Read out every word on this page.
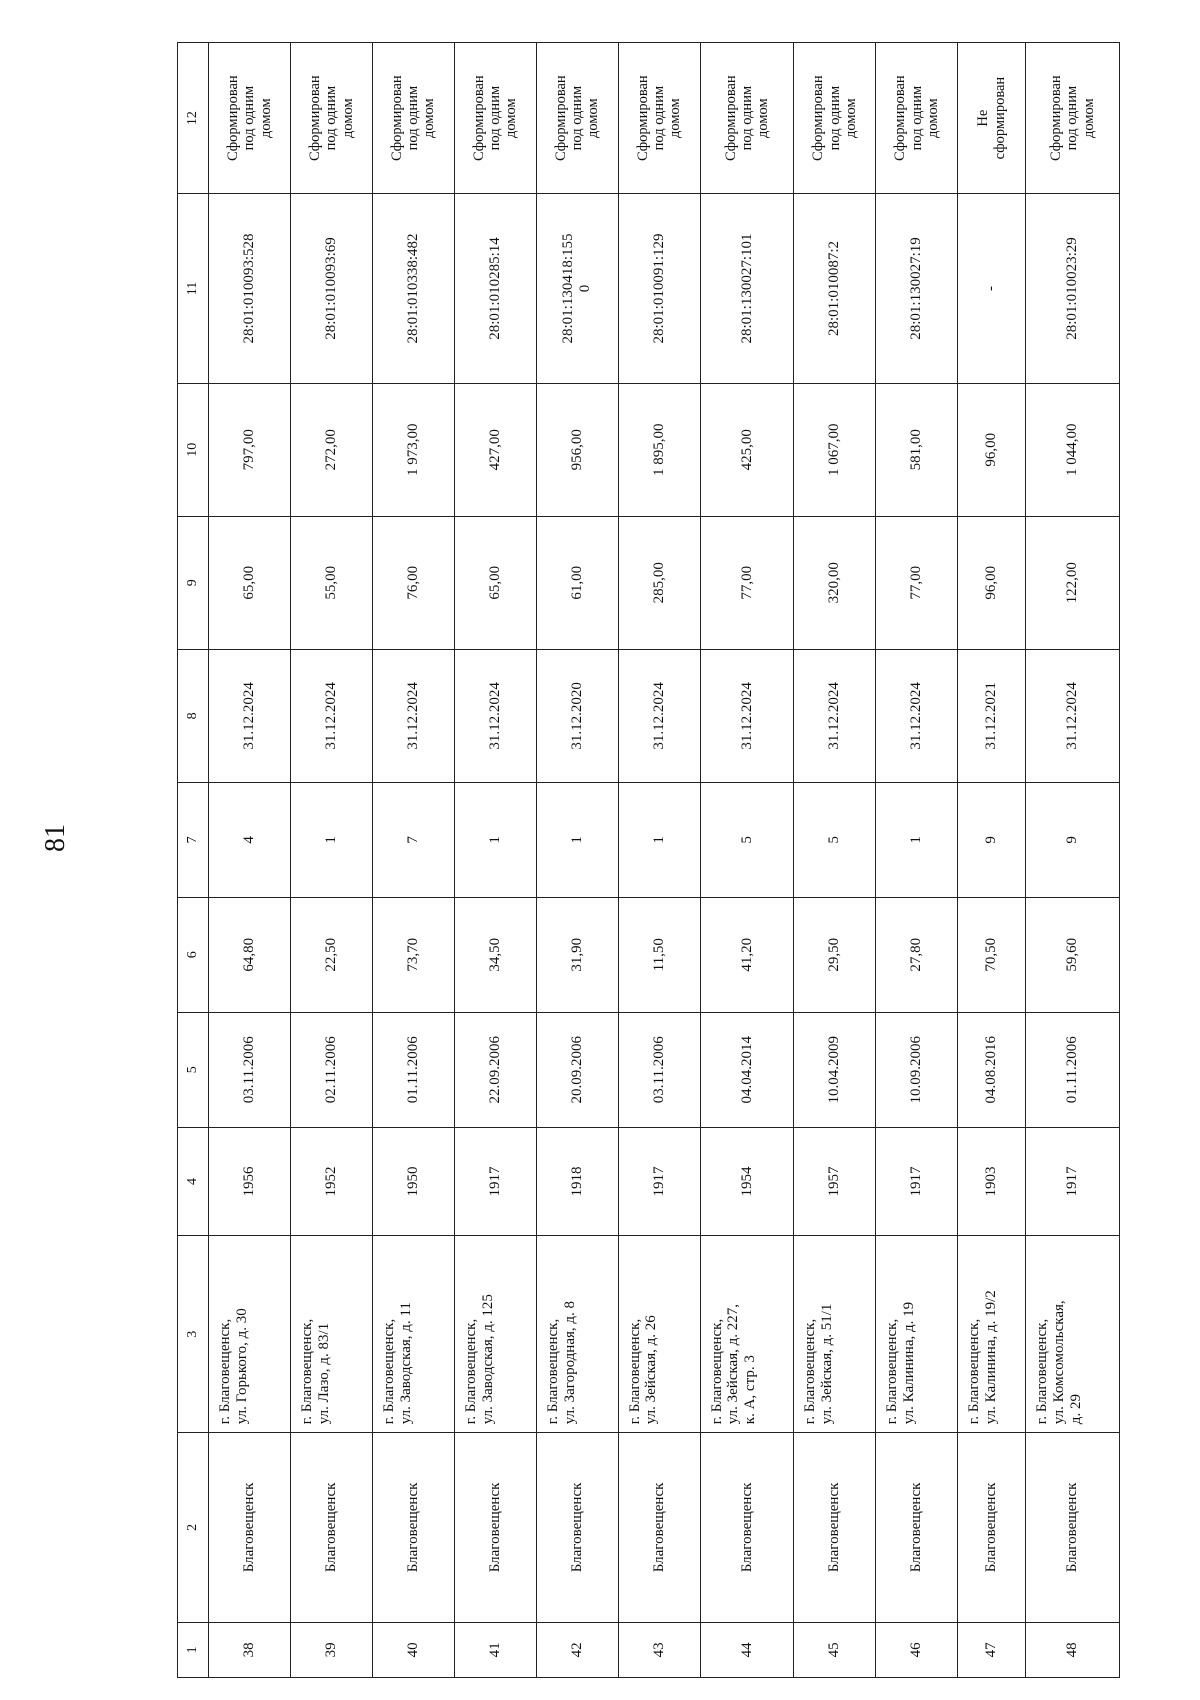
81
1	2	3	4	5	6	7	8	9	10	11	12
38	Благовещенск	г. Благовещенск,
ул. Горького, д. 30	1956	03.11.2006	64,80	4	31.12.2024	65,00	797,00	28:01:010093:528	Сформирован
под одним
домом
39	Благовещенск	г. Благовещенск,
ул. Лазо, д. 83/1	1952	02.11.2006	22,50	1	31.12.2024	55,00	272,00	28:01:010093:69	Сформирован
под одним
домом
40	Благовещенск	г. Благовещенск,
ул. Заводская, д. 11	1950	01.11.2006	73,70	7	31.12.2024	76,00	1 973,00	28:01:010338:482	Сформирован
под одним
домом
41	Благовещенск	г. Благовещенск,
ул. Заводская, д. 125	1917	22.09.2006	34,50	1	31.12.2024	65,00	427,00	28:01:010285:14	Сформирован
под одним
домом
42	Благовещенск	г. Благовещенск,
ул. Загородная, д. 8	1918	20.09.2006	31,90	1	31.12.2020	61,00	956,00	28:01:130418:155
0	Сформирован
под одним
домом
43	Благовещенск	г. Благовещенск,
ул. Зейская, д. 26	1917	03.11.2006	11,50	1	31.12.2024	285,00	1 895,00	28:01:010091:129	Сформирован
под одним
домом
44	Благовещенск	г. Благовещенск,
ул. Зейская, д. 227,
к. А, стр. 3	1954	04.04.2014	41,20	5	31.12.2024	77,00	425,00	28:01:130027:101	Сформирован
под одним
домом
45	Благовещенск	г. Благовещенск,
ул. Зейская, д. 51/1	1957	10.04.2009	29,50	5	31.12.2024	320,00	1 067,00	28:01:010087:2	Сформирован
под одним
домом
46	Благовещенск	г. Благовещенск,
ул. Калинина, д. 19	1917	10.09.2006	27,80	1	31.12.2024	77,00	581,00	28:01:130027:19	Сформирован
под одним
домом
47	Благовещенск	г. Благовещенск,
ул. Калинина, д. 19/2	1903	04.08.2016	70,50	9	31.12.2021	96,00	96,00	-	Не
сформирован
48	Благовещенск	г. Благовещенск,
ул. Комсомольская,
д. 29	1917	01.11.2006	59,60	9	31.12.2024	122,00	1 044,00	28:01:010023:29	Сформирован
под одним
домом
